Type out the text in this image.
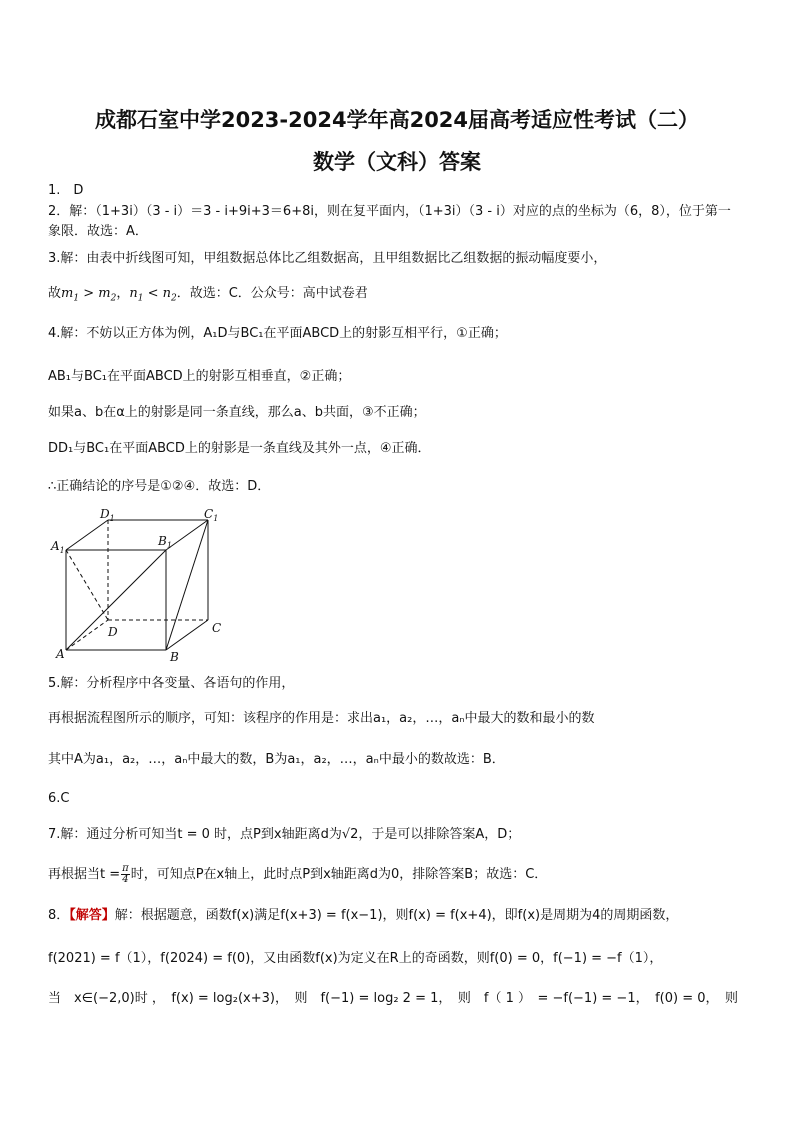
成都石室中学2023-2024学年高2024届高考适应性考试（二）
数学（文科）答案
1.　D
2．解：（1+3i）（3 - i）＝3 - i+9i+3＝6+8i，则在复平面内，（1+3i）（3 - i）对应的点的坐标为（6，8），位于第一
象限．故选：A．
3.解：由表中折线图可知，甲组数据总体比乙组数据高，且甲组数据比乙组数据的振动幅度要小，
故$m_1 > m_2$，$n_1 < n_2$．故选：C．公众号：高中试卷君
4.解：不妨以正方体为例，A₁D与BC₁在平面ABCD上的射影互相平行，①正确；
AB₁与BC₁在平面ABCD上的射影互相垂直，②正确；
如果a、b在α上的射影是同一条直线，那么a、b共面，③不正确；
DD₁与BC₁在平面ABCD上的射影是一条直线及其外一点，④正确．
∴正确结论的序号是①②④．故选：D．
$D_1$	$C_1$
$A_1$
$B_1$
D	C
A	B
5.解：分析程序中各变量、各语句的作用，
再根据流程图所示的顺序，可知：该程序的作用是：求出a₁，a₂，…，aₙ中最大的数和最小的数
其中A为a₁，a₂，…，aₙ中最大的数，B为a₁，a₂，…，aₙ中最小的数故选：B．
6.C
7.解：通过分析可知当t = 0 时，点P到x轴距离d为√2，于是可以排除答案A，D；
再根据当$t = \frac{\pi}{4}$ 时，可知点P在x轴上，此时点P到x轴距离d为0，排除答案B；故选：C．
8．【解答】解：根据题意，函数f(x)满足f(x+3) = f(x−1)，则f(x) = f(x+4)，即f(x)是周期为4的周期函数，
f(2021) = f（1），f(2024) = f(0)，又由函数f(x)为定义在R上的奇函数，则f(0) = 0，f(−1) = −f（1），
当　x∈(−2,0)时 ，　f(x) = log₂(x+3)，　则　f(−1) = log₂ 2 = 1，　则　f（ 1 ）　= −f(−1) = −1，　f(0) = 0，　则
